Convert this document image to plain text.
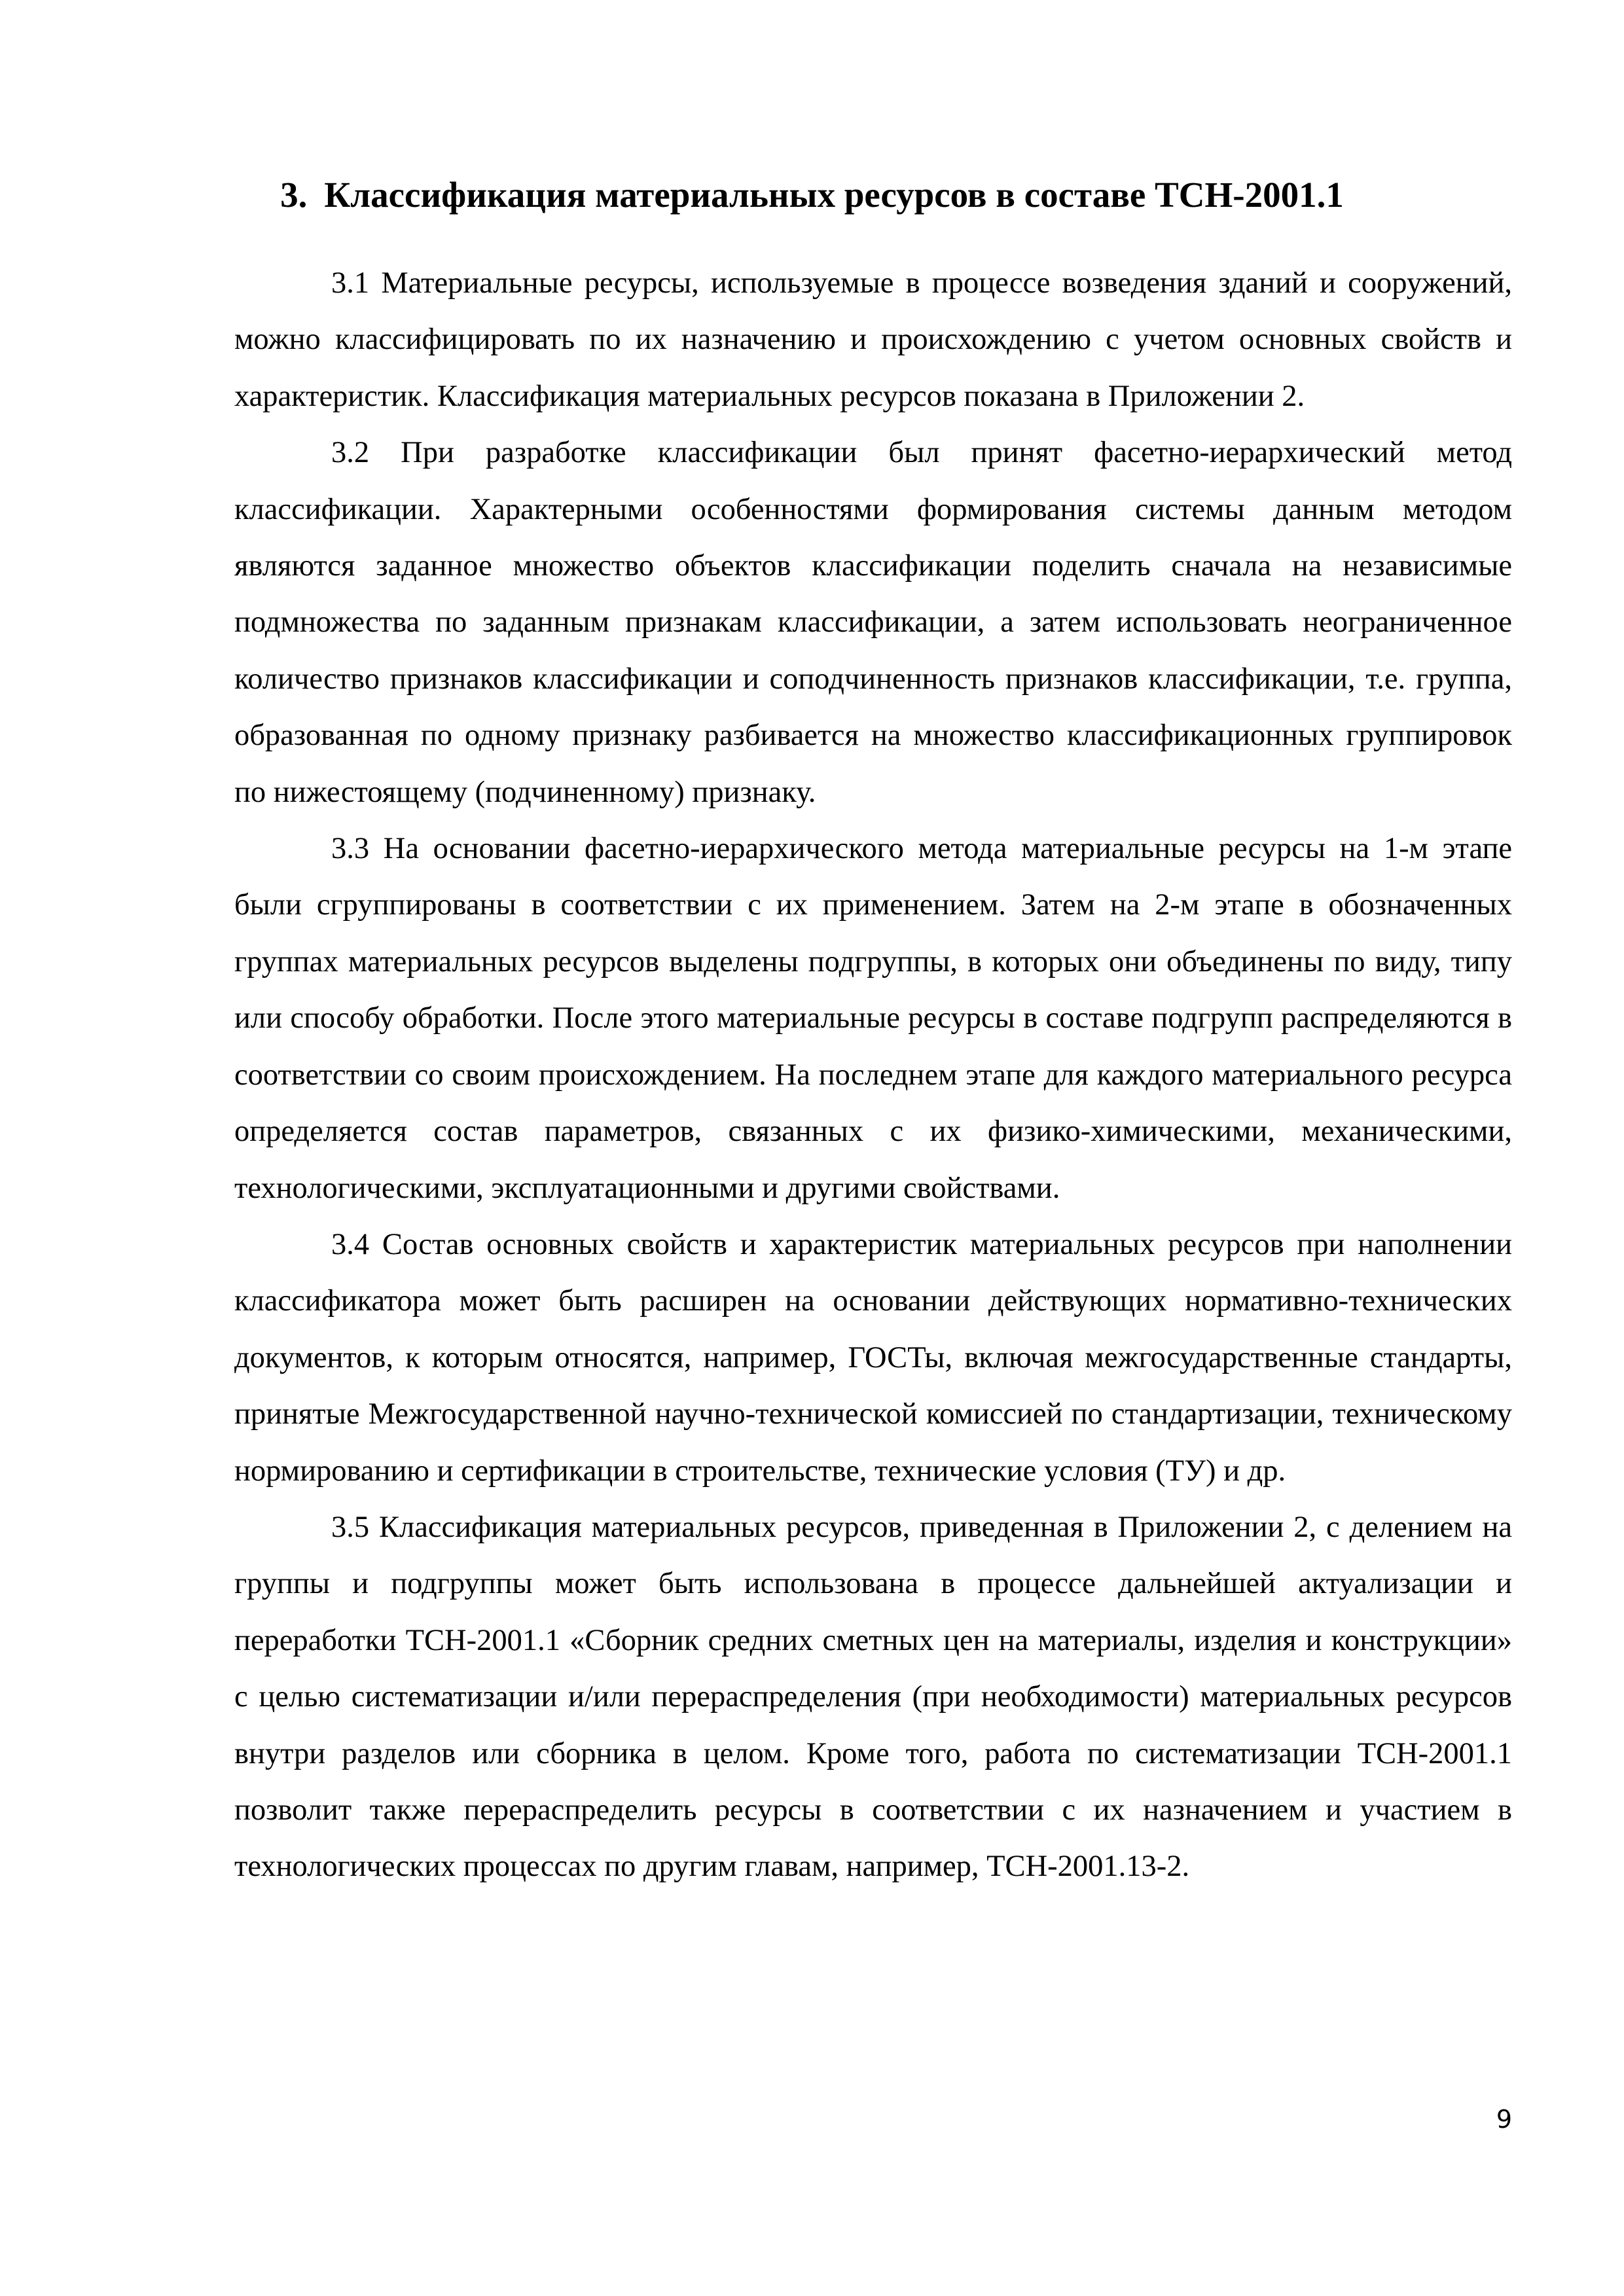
3. Классификация материальных ресурсов в составе ТСН-2001.1

3.1 Материальные ресурсы, используемые в процессе возведения зданий и сооружений, можно классифицировать по их назначению и происхождению с учетом основных свойств и характеристик. Классификация материальных ресурсов показана в Приложении 2.

3.2 При разработке классификации был принят фасетно-иерархический метод классификации. Характерными особенностями формирования системы данным методом являются заданное множество объектов классификации поделить сначала на независимые подмножества по заданным признакам классификации, а затем использовать неограниченное количество признаков классификации и соподчиненность признаков классификации, т.е. группа, образованная по одному признаку разбивается на множество классификационных группировок по нижестоящему (подчиненному) признаку.

3.3 На основании фасетно-иерархического метода материальные ресурсы на 1-м этапе были сгруппированы в соответствии с их применением. Затем на 2-м этапе в обозначенных группах материальных ресурсов выделены подгруппы, в которых они объединены по виду, типу или способу обработки. После этого материальные ресурсы в составе подгрупп распределяются в соответствии со своим происхождением. На последнем этапе для каждого материального ресурса определяется состав параметров, связанных с их физико-химическими, механическими, технологическими, эксплуатационными и другими свойствами.

3.4 Состав основных свойств и характеристик материальных ресурсов при наполнении классификатора может быть расширен на основании действующих нормативно-технических документов, к которым относятся, например, ГОСТы, включая межгосударственные стандарты, принятые Межгосударственной научно-технической комиссией по стандартизации, техническому нормированию и сертификации в строительстве, технические условия (ТУ) и др.

3.5 Классификация материальных ресурсов, приведенная в Приложении 2, с делением на группы и подгруппы может быть использована в процессе дальнейшей актуализации и переработки ТСН-2001.1 «Сборник средних сметных цен на материалы, изделия и конструкции» с целью систематизации и/или перераспределения (при необходимости) материальных ресурсов внутри разделов или сборника в целом. Кроме того, работа по систематизации ТСН-2001.1 позволит также перераспределить ресурсы в соответствии с их назначением и участием в технологических процессах по другим главам, например, ТСН-2001.13-2.

9
